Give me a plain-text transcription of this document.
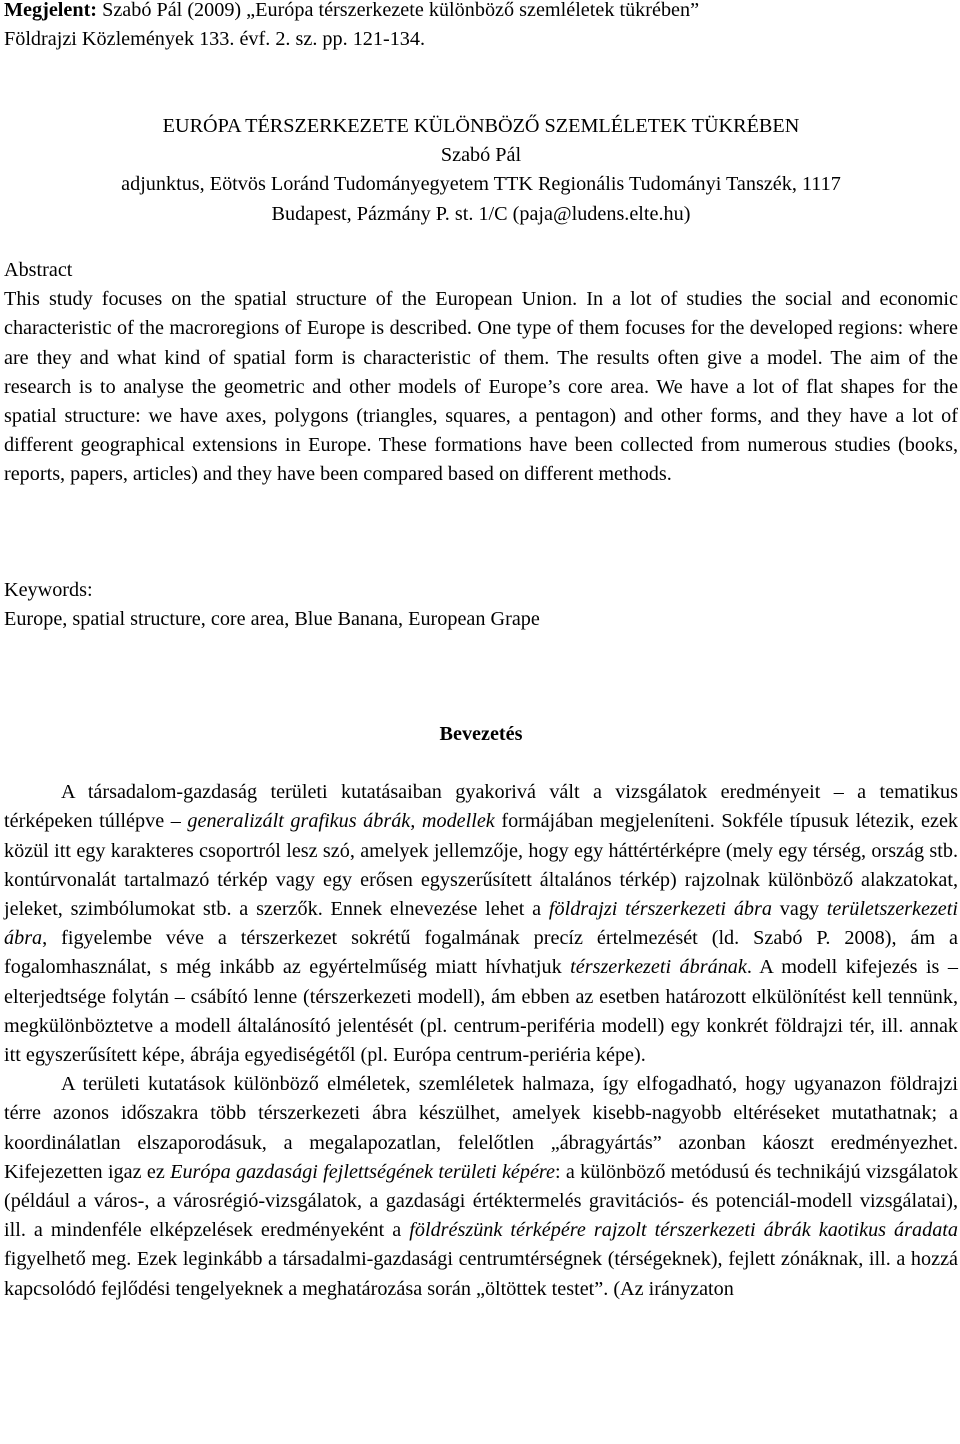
Megjelent: Szabó Pál (2009) „Európa térszerkezete különböző szemléletek tükrében”
Földrajzi Közlemények 133. évf. 2. sz. pp. 121-134.

EURÓPA TÉRSZERKEZETE KÜLÖNBÖZŐ SZEMLÉLETEK TÜKRÉBEN

Szabó Pál

adjunktus, Eötvös Loránd Tudományegyetem TTK Regionális Tudományi Tanszék, 1117

Budapest, Pázmány P. st. 1/C (paja@ludens.elte.hu)

Abstract

This study focuses on the spatial structure of the European Union. In a lot of studies the social and economic characteristic of the macroregions of Europe is described. One type of them focuses for the developed regions: where are they and what kind of spatial form is characteristic of them. The results often give a model. The aim of the research is to analyse the geometric and other models of Europe’s core area. We have a lot of flat shapes for the spatial structure: we have axes, polygons (triangles, squares, a pentagon) and other forms, and they have a lot of different geographical extensions in Europe. These formations have been collected from numerous studies (books, reports, papers, articles) and they have been compared based on different methods.

Keywords:

Europe, spatial structure, core area, Blue Banana, European Grape

Bevezetés

A társadalom-gazdaság területi kutatásaiban gyakorivá vált a vizsgálatok eredményeit – a tematikus térképeken túllépve – generalizált grafikus ábrák, modellek formájában megjeleníteni. Sokféle típusuk létezik, ezek közül itt egy karakteres csoportról lesz szó, amelyek jellemzője, hogy egy háttértérképre (mely egy térség, ország stb. kontúrvonalát tartalmazó térkép vagy egy erősen egyszerűsített általános térkép) rajzolnak különböző alakzatokat, jeleket, szimbólumokat stb. a szerzők. Ennek elnevezése lehet a földrajzi térszerkezeti ábra vagy területszerkezeti ábra, figyelembe véve a térszerkezet sokrétű fogalmának precíz értelmezését (ld. Szabó P. 2008), ám a fogalomhasználat, s még inkább az egyértelműség miatt hívhatjuk térszerkezeti ábrának. A modell kifejezés is – elterjedtsége folytán – csábító lenne (térszerkezeti modell), ám ebben az esetben határozott elkülönítést kell tennünk, megkülönböztetve a modell általánosító jelentését (pl. centrum-periféria modell) egy konkrét földrajzi tér, ill. annak itt egyszerűsített képe, ábrája egyediségétől (pl. Európa centrum-periéria képe).

A területi kutatások különböző elméletek, szemléletek halmaza, így elfogadható, hogy ugyanazon földrajzi térre azonos időszakra több térszerkezeti ábra készülhet, amelyek kisebb-nagyobb eltéréseket mutathatnak; a koordinálatlan elszaporodásuk, a megalapozatlan, felelőtlen „ábragyártás” azonban káoszt eredményezhet. Kifejezetten igaz ez Európa gazdasági fejlettségének területi képére: a különböző metódusú és technikájú vizsgálatok (például a város-, a városrégió-vizsgálatok, a gazdasági értéktermelés gravitációs- és potenciál-modell vizsgálatai), ill. a mindenféle elképzelések eredményeként a földrészünk térképére rajzolt térszerkezeti ábrák kaotikus áradata figyelhető meg. Ezek leginkább a társadalmi-gazdasági centrumtérségnek (térségeknek), fejlett zónáknak, ill. a hozzá kapcsolódó fejlődési tengelyeknek a meghatározása során „öltöttek testet”. (Az irányzaton
